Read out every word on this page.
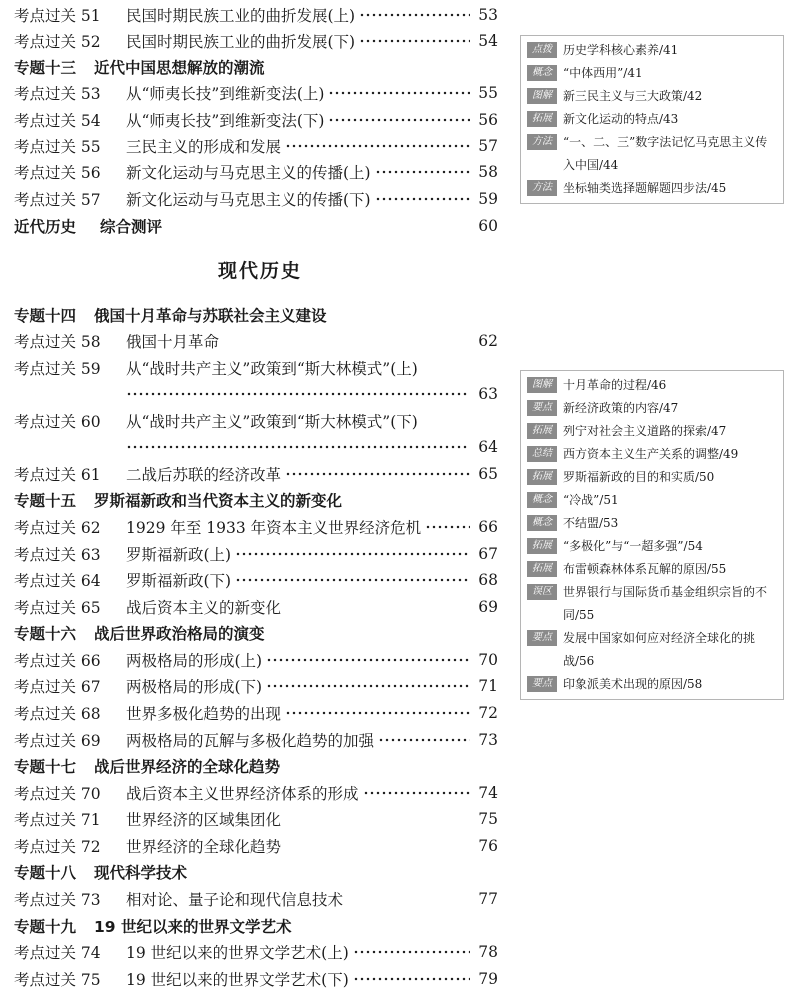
考点过关 51	民国时期民族工业的曲折发展(上)	53
考点过关 52	民国时期民族工业的曲折发展(下)	54
专题十三 近代中国思想解放的潮流
考点过关 53	从“师夷长技”到维新变法(上)	55
考点过关 54	从“师夷长技”到维新变法(下)	56
考点过关 55	三民主义的形成和发展	57
考点过关 56	新文化运动与马克思主义的传播(上)	58
考点过关 57	新文化运动与马克思主义的传播(下)	59
近代历史 综合测评	60
现代历史
专题十四 俄国十月革命与苏联社会主义建设
考点过关 58	俄国十月革命	62
考点过关 59	从“战时共产主义”政策到“斯大林模式”(上)
63
考点过关 60	从“战时共产主义”政策到“斯大林模式”(下)
64
考点过关 61	二战后苏联的经济改革	65
专题十五 罗斯福新政和当代资本主义的新变化
考点过关 62	1929 年至 1933 年资本主义世界经济危机	66
考点过关 63	罗斯福新政(上)	67
考点过关 64	罗斯福新政(下)	68
考点过关 65	战后资本主义的新变化	69
专题十六 战后世界政治格局的演变
考点过关 66	两极格局的形成(上)	70
考点过关 67	两极格局的形成(下)	71
考点过关 68	世界多极化趋势的出现	72
考点过关 69	两极格局的瓦解与多极化趋势的加强	73
专题十七 战后世界经济的全球化趋势
考点过关 70	战后资本主义世界经济体系的形成	74
考点过关 71	世界经济的区域集团化	75
考点过关 72	世界经济的全球化趋势	76
专题十八 现代科学技术
考点过关 73	相对论、量子论和现代信息技术	77
专题十九 19 世纪以来的世界文学艺术
考点过关 74	19 世纪以来的世界文学艺术(上)	78
考点过关 75	19 世纪以来的世界文学艺术(下)	79
点拨 历史学科核心素养/41
概念 “中体西用”/41
图解 新三民主义与三大政策/42
拓展 新文化运动的特点/43
方法 “一、二、三”数字法记忆马克思主义传入中国/44
方法 坐标轴类选择题解题四步法/45
图解 十月革命的过程/46
要点 新经济政策的内容/47
拓展 列宁对社会主义道路的探索/47
总结 西方资本主义生产关系的调整/49
拓展 罗斯福新政的目的和实质/50
概念 “冷战”/51
概念 不结盟/53
拓展 “多极化”与“一超多强”/54
拓展 布雷顿森林体系瓦解的原因/55
误区 世界银行与国际货币基金组织宗旨的不同/55
要点 发展中国家如何应对经济全球化的挑战/56
要点 印象派美术出现的原因/58
